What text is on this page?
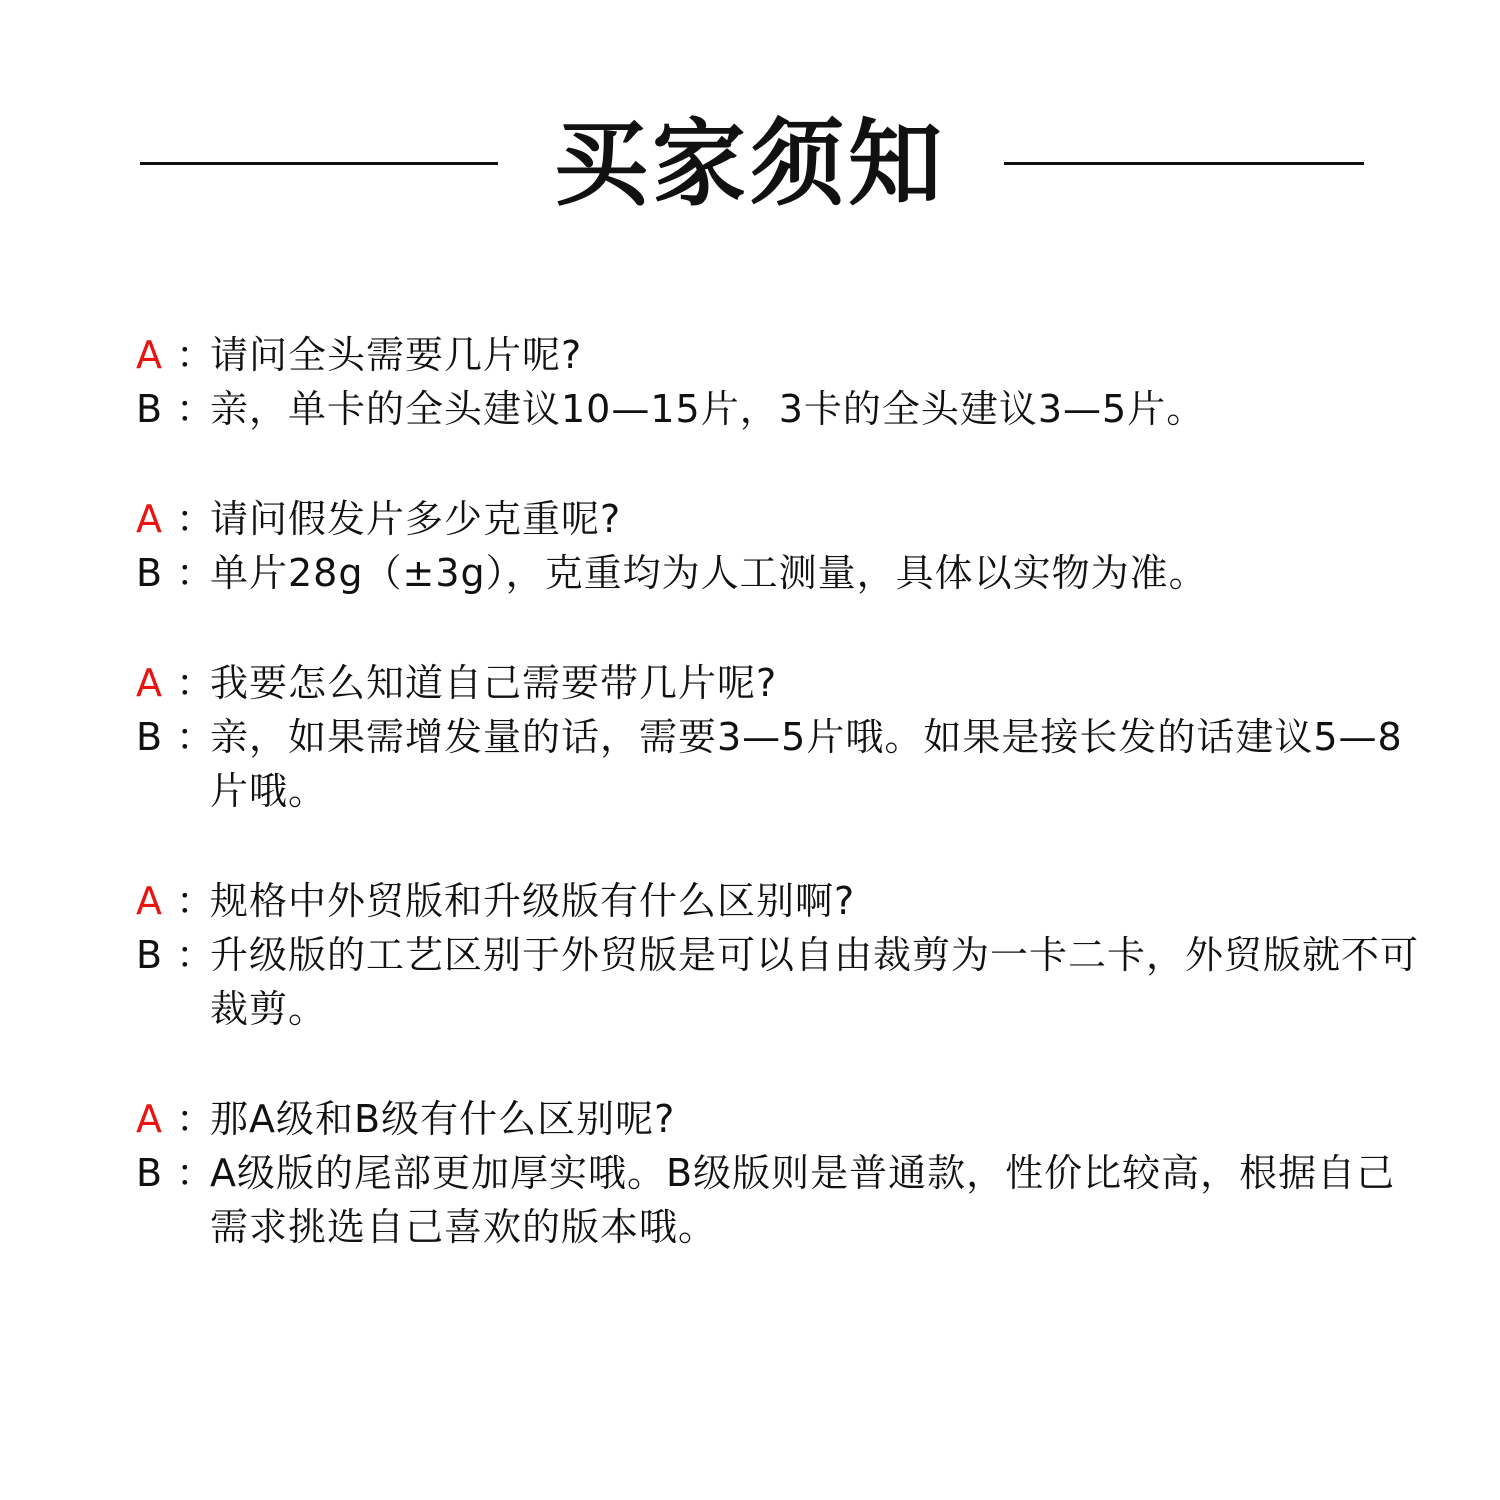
买家须知
A ：
请问全头需要几片呢?
B ：
亲，单卡的全头建议10—15片，3卡的全头建议3—5片。
A ：
请问假发片多少克重呢?
B ：
单片28g（±3g），克重均为人工测量，具体以实物为准。
A ：
我要怎么知道自己需要带几片呢?
B ：
亲，如果需增发量的话，需要3—5片哦。如果是接长发的话建议5—8片哦。
A ：
规格中外贸版和升级版有什么区别啊?
B ：
升级版的工艺区别于外贸版是可以自由裁剪为一卡二卡，外贸版就不可裁剪。
A ：
那A级和B级有什么区别呢?
B ：
A级版的尾部更加厚实哦。B级版则是普通款，性价比较高，根据自己需求挑选自己喜欢的版本哦。
